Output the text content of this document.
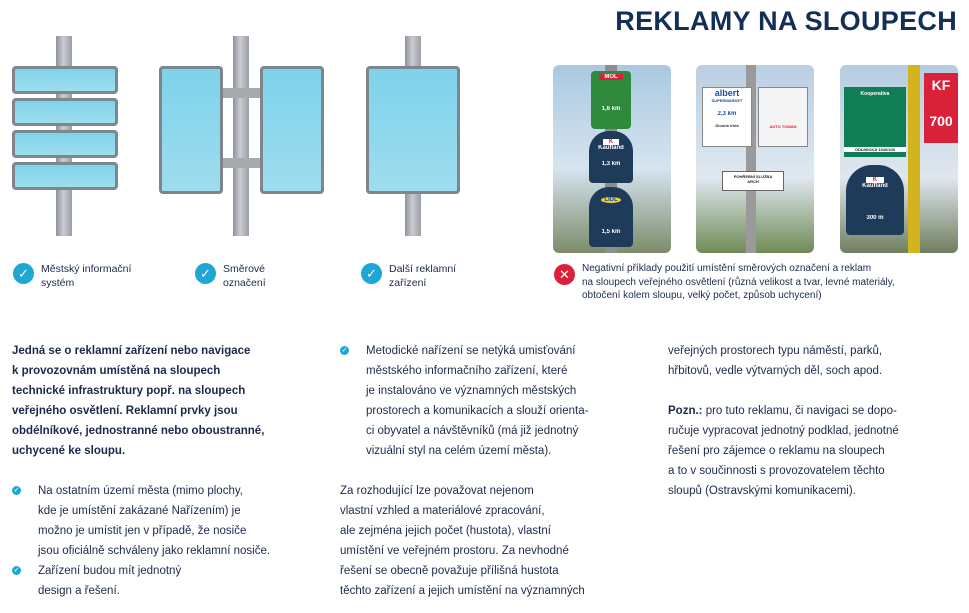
REKLAMY NA SLOUPECH
✓	Městský informační
systém
✓	Směrové
označení
✓	Další reklamní
zařízení
MOL
1,6 km
K
Kaufland
1,3 km
LIDL
1,5 km
albert
SUPERMARKET
2,3 km
Dlouhá třída	AUTO TOMAN
POHŘEBNÍ SLUŽBA
ARCH
Kooperativa
ODLINICKÁ 1940/249
K
Kaufland
300 m
KF
700
✕	Negativní příklady použití umístění směrových označení a reklam
na sloupech veřejného osvětlení (různá velikost a tvar, levné materiály,
obtočení kolem sloupu, velký počet, způsob uchycení)
Jedná se o reklamní zařízení nebo navigace
k provozovnám umístěná na sloupech
technické infrastruktury popř. na sloupech
veřejného osvětlení. Reklamní prvky jsou
obdélníkové, jednostranné nebo oboustranné,
uchycené ke sloupu.
✓ Na ostatním území města (mimo plochy,
kde je umístění zakázané Nařízením) je
možno je umístit jen v případě, že nosiče
jsou oficiálně schváleny jako reklamní nosiče.
✓ Zařízení budou mít jednotný
design a řešení.
✓ Metodické nařízení se netýká umisťování
městského informačního zařízení, které
je instalováno ve významných městských
prostorech a komunikacích a slouží orienta-
ci obyvatel a návštěvníků (má již jednotný
vizuální styl na celém území města).
Za rozhodující lze považovat nejenom
vlastní vzhled a materiálové zpracování,
ale zejména jejich počet (hustota), vlastní
umístění ve veřejném prostoru. Za nevhodné
řešení se obecně považuje přílišná hustota
těchto zařízení a jejich umístění na významných
veřejných prostorech typu náměstí, parků,
hřbitovů, vedle výtvarných děl, soch apod.
Pozn.: pro tuto reklamu, či navigaci se dopo-
ručuje vypracovat jednotný podklad, jednotné
řešení pro zájemce o reklamu na sloupech
a to v součinnosti s provozovatelem těchto
sloupů (Ostravskými komunikacemi).
